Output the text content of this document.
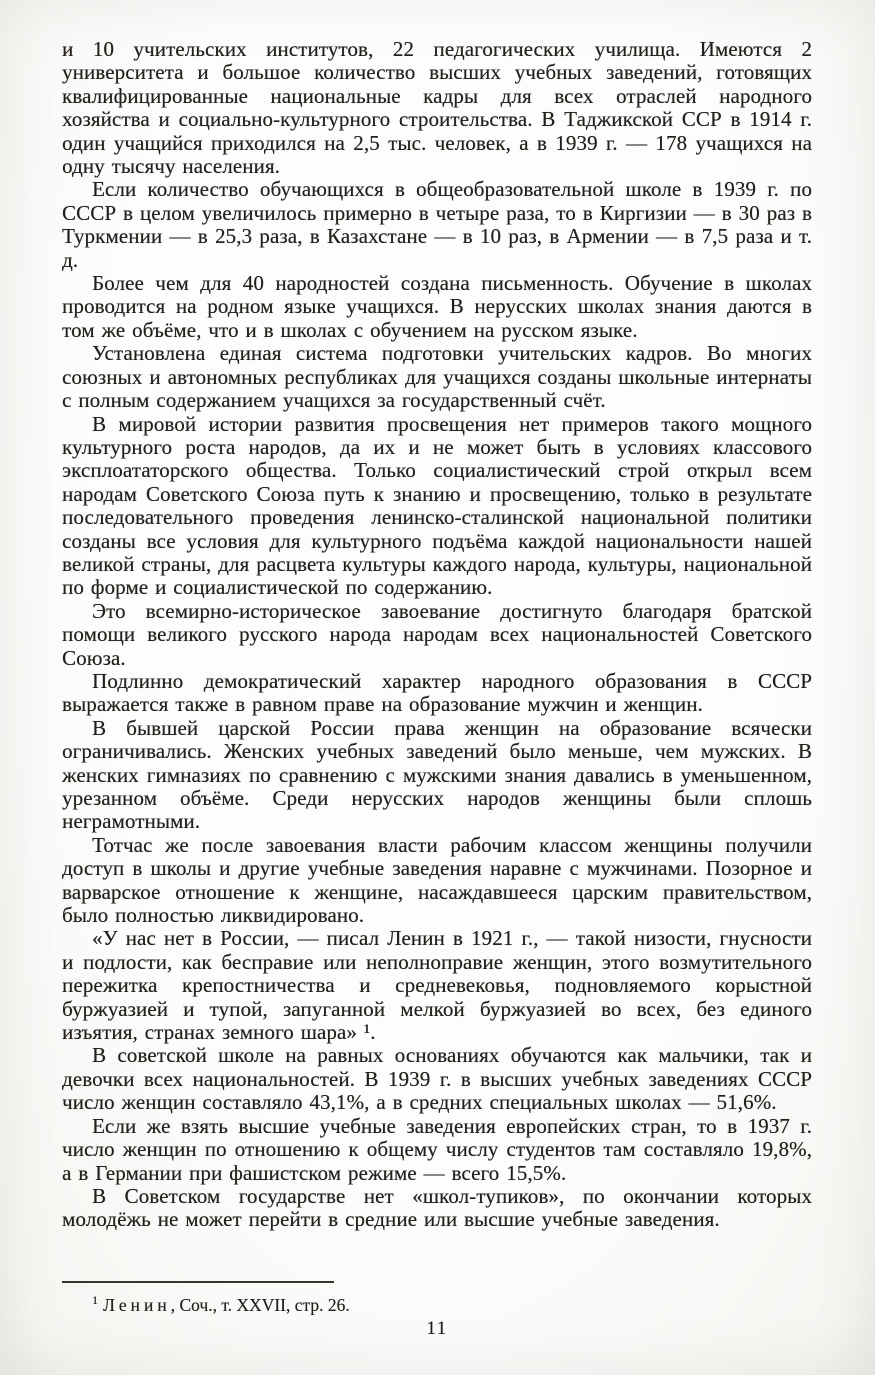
и 10 учительских институтов, 22 педагогических училища. Имеются 2 университета и большое количество высших учебных заведений, готовящих квалифицированные национальные кадры для всех отраслей народного хозяйства и социально-культурного строительства. В Таджикской ССР в 1914 г. один учащийся приходился на 2,5 тыс. человек, а в 1939 г. — 178 учащихся на одну тысячу населения.

Если количество обучающихся в общеобразовательной школе в 1939 г. по СССР в целом увеличилось примерно в четыре раза, то в Киргизии — в 30 раз в Туркмении — в 25,3 раза, в Казахстане — в 10 раз, в Армении — в 7,5 раза и т. д.

Более чем для 40 народностей создана письменность. Обучение в школах проводится на родном языке учащихся. В нерусских школах знания даются в том же объёме, что и в школах с обучением на русском языке.

Установлена единая система подготовки учительских кадров. Во многих союзных и автономных республиках для учащихся созданы школьные интернаты с полным содержанием учащихся за государственный счёт.

В мировой истории развития просвещения нет примеров такого мощного культурного роста народов, да их и не может быть в условиях классового эксплоататорского общества. Только социалистический строй открыл всем народам Советского Союза путь к знанию и просвещению, только в результате последовательного проведения ленинско-сталинской национальной политики созданы все условия для культурного подъёма каждой национальности нашей великой страны, для расцвета культуры каждого народа, культуры, национальной по форме и социалистической по содержанию.

Это всемирно-историческое завоевание достигнуто благодаря братской помощи великого русского народа народам всех национальностей Советского Союза.

Подлинно демократический характер народного образования в СССР выражается также в равном праве на образование мужчин и женщин.

В бывшей царской России права женщин на образование всячески ограничивались. Женских учебных заведений было меньше, чем мужских. В женских гимназиях по сравнению с мужскими знания давались в уменьшенном, урезанном объёме. Среди нерусских народов женщины были сплошь неграмотными.

Тотчас же после завоевания власти рабочим классом женщины получили доступ в школы и другие учебные заведения наравне с мужчинами. Позорное и варварское отношение к женщине, насаждавшееся царским правительством, было полностью ликвидировано.

«У нас нет в России, — писал Ленин в 1921 г., — такой низости, гнусности и подлости, как бесправие или неполноправие женщин, этого возмутительного пережитка крепостничества и средневековья, подновляемого корыстной буржуазией и тупой, запуганной мелкой буржуазией во всех, без единого изъятия, странах земного шара» ¹.

В советской школе на равных основаниях обучаются как мальчики, так и девочки всех национальностей. В 1939 г. в высших учебных заведениях СССР число женщин составляло 43,1%, а в средних специальных школах — 51,6%.

Если же взять высшие учебные заведения европейских стран, то в 1937 г. число женщин по отношению к общему числу студентов там составляло 19,8%, а в Германии при фашистском режиме — всего 15,5%.

В Советском государстве нет «школ-тупиков», по окончании которых молодёжь не может перейти в средние или высшие учебные заведения.

$^1$ Ленин, Соч., т. XXVII, стр. 26.

11
